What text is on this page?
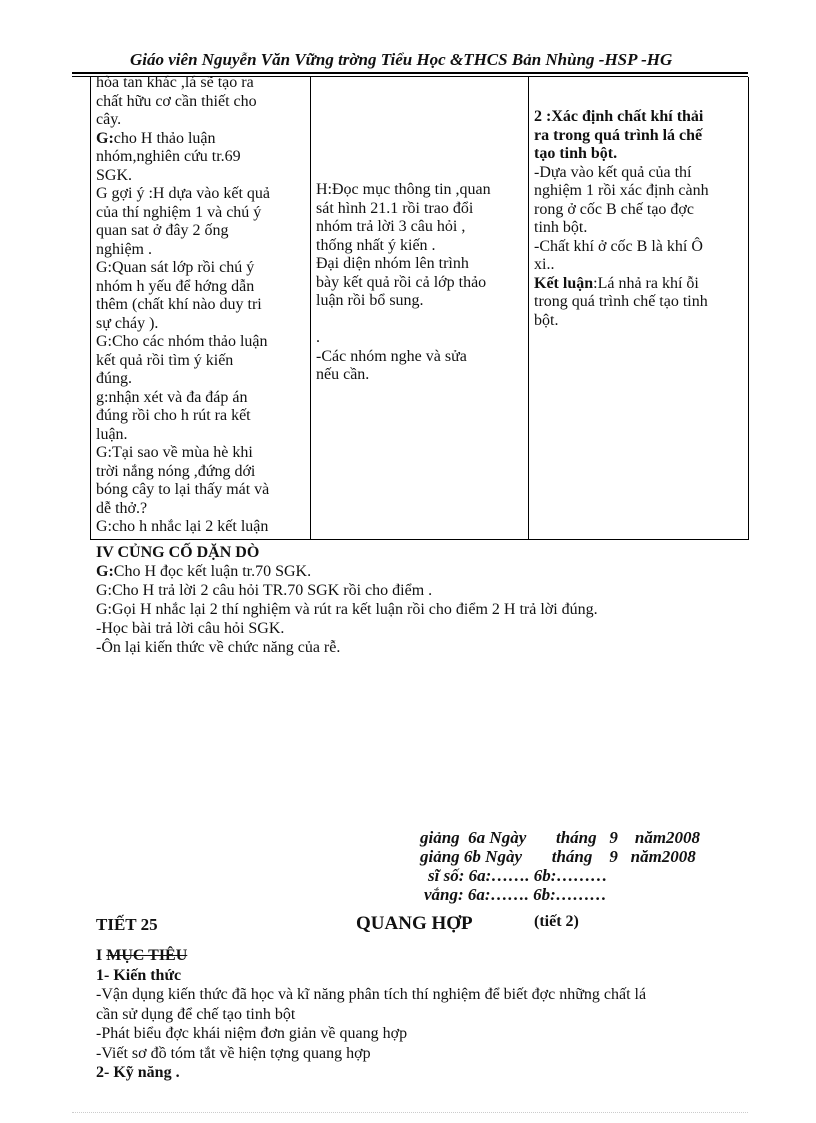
Giáo viên Nguyễn Văn Vững trờng Tiểu Học &THCS Bản Nhùng -HSP -HG
hòa tan khác ,lá sẽ tạo ra
chất hữu cơ cần thiết cho
cây.
G:cho H thảo luận
nhóm,nghiên cứu tr.69
SGK.
G gợi ý :H dựa vào kết quả
của thí nghiệm 1 và chú ý
quan sat ở đây 2 ống
nghiệm .
G:Quan sát lớp rồi chú ý
nhóm h yếu để hớng dẫn
thêm (chất khí nào duy tri
sự cháy ).
G:Cho các nhóm thảo luận
kết quả rồi tìm ý kiến
đúng.
g:nhận xét và đa đáp án
đúng rồi cho h rút ra kết
luận.
G:Tại sao về mùa hè khi
trời nắng nóng ,đứng dới
bóng cây to lại thấy mát và
dễ thở.?
G:cho h nhắc lại 2 kết luận
H:Đọc mục thông tin ,quan
sát hình 21.1 rồi trao đổi
nhóm trả lời 3 câu hỏi ,
thống nhất ý kiến .
Đại diện nhóm lên trình
bày kết quả rồi cả lớp thảo
luận rồi bổ sung.
.
-Các nhóm nghe và sửa
nếu cần.
2 :Xác định chất khí thải
ra trong quá trình lá chế
tạo tinh bột.
-Dựa vào kết quả của thí
nghiệm 1 rồi xác định cành
rong ở cốc B chế tạo đợc
tinh bột.
-Chất khí ở cốc B là khí Ô
xi..
Kết luận:Lá nhả ra khí ỗi
trong quá trình chế tạo tinh
bột.
IV CỦNG CỐ DẶN DÒ
G:Cho H đọc kết luận tr.70 SGK.
G:Cho H trả lời 2 câu hỏi TR.70 SGK rồi cho điểm .
G:Gọi H nhắc lại 2 thí nghiệm và rút ra kết luận rồi cho điểm 2 H trả lời đúng.
-Học bài trả lời câu hỏi SGK.
-Ôn lại kiến thức về chức năng của rễ.
giảng  6a Ngày       tháng   9    năm2008
giảng 6b Ngày       tháng    9   năm2008
sĩ số: 6a:……. 6b:………
vắng: 6a:……. 6b:………
TIẾT 25	QUANG HỢP	(tiết 2)
I MỤC TIÊU
1- Kiến thức
-Vận dụng kiến thức đã học và kĩ năng phân tích thí nghiệm để biết đợc những chất lá
cần sử dụng để chế tạo tinh bột
-Phát biểu đợc khái niệm đơn giản về quang hợp
-Viết sơ đồ tóm tắt về hiện tợng quang hợp
2- Kỹ năng .
